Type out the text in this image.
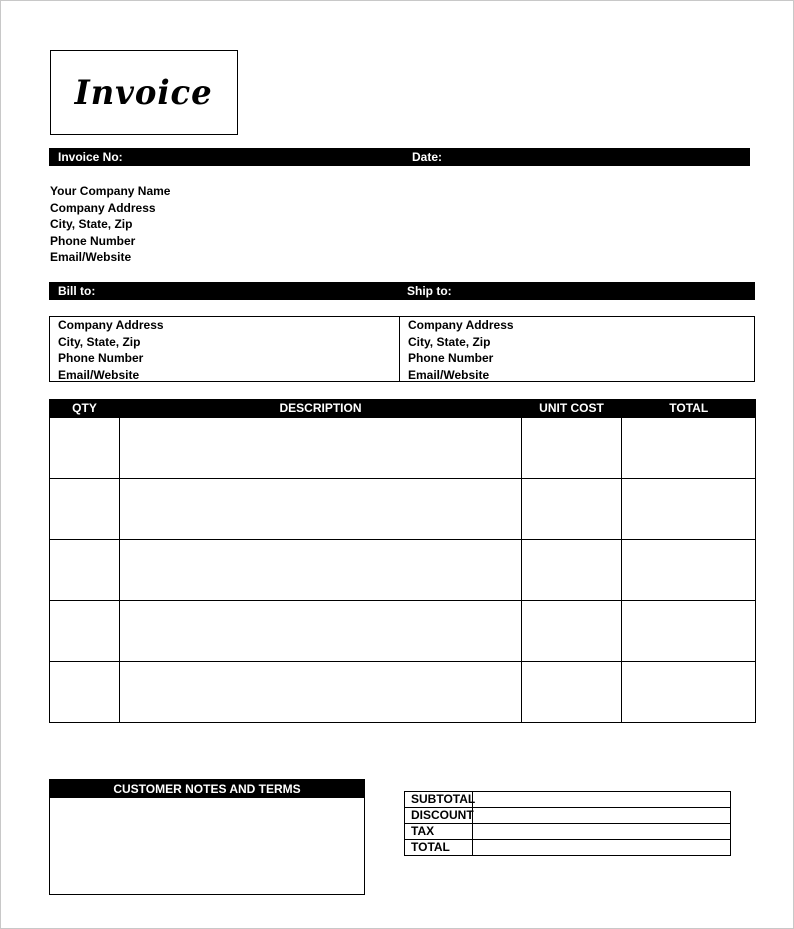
Invoice
Invoice No:	Date:
Your Company Name
Company Address
City, State, Zip
Phone Number
Email/Website
Bill to:	Ship to:
Company Address
City, State, Zip
Phone Number
Email/Website
Company Address
City, State, Zip
Phone Number
Email/Website
QTY	DESCRIPTION	UNIT COST	TOTAL

CUSTOMER NOTES AND TERMS
SUBTOTAL	
DISCOUNT	
TAX	
TOTAL	
